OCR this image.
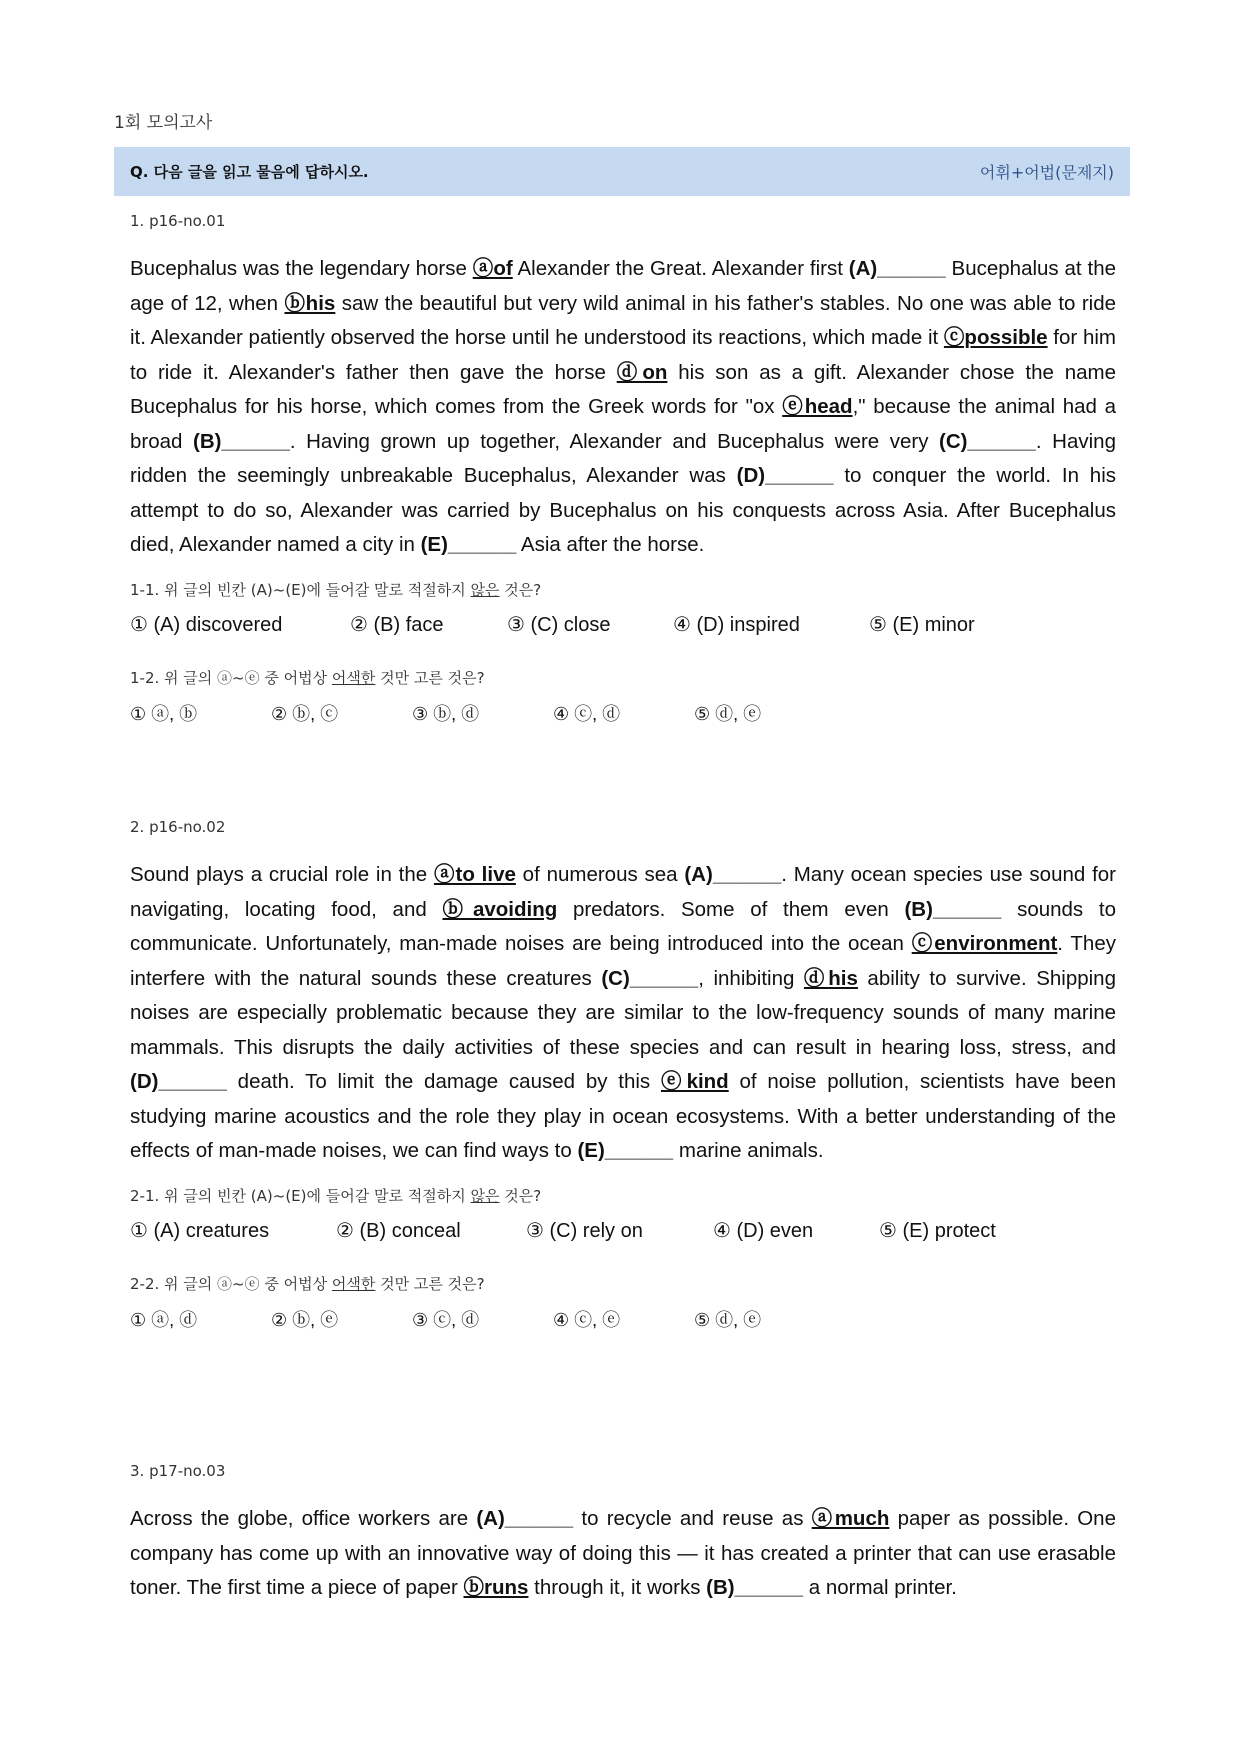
1회 모의고사
Q. 다음 글을 읽고 물음에 답하시오.	어휘+어법(문제지)
1. p16-no.01

Bucephalus was the legendary horse ⓐof Alexander the Great. Alexander first (A)______ Bucephalus at the age of 12, when ⓑhis saw the beautiful but very wild animal in his father's stables. No one was able to ride it. Alexander patiently observed the horse until he understood its reactions, which made it ⓒpossible for him to ride it. Alexander's father then gave the horse ⓓon his son as a gift. Alexander chose the name Bucephalus for his horse, which comes from the Greek words for "ox ⓔhead," because the animal had a broad (B)______. Having grown up together, Alexander and Bucephalus were very (C)______. Having ridden the seemingly unbreakable Bucephalus, Alexander was (D)______ to conquer the world. In his attempt to do so, Alexander was carried by Bucephalus on his conquests across Asia. After Bucephalus died, Alexander named a city in (E)______ Asia after the horse.

1-1. 위 글의 빈칸 (A)~(E)에 들어갈 말로 적절하지 않은 것은?
① (A) discovered	② (B) face	③ (C) close	④ (D) inspired	⑤ (E) minor
1-2. 위 글의 ⓐ~ⓔ 중 어법상 어색한 것만 고른 것은?
① ⓐ, ⓑ	② ⓑ, ⓒ	③ ⓑ, ⓓ	④ ⓒ, ⓓ	⑤ ⓓ, ⓔ
2. p16-no.02

Sound plays a crucial role in the ⓐto live of numerous sea (A)______. Many ocean species use sound for navigating, locating food, and ⓑavoiding predators. Some of them even (B)______ sounds to communicate. Unfortunately, man-made noises are being introduced into the ocean ⓒenvironment. They interfere with the natural sounds these creatures (C)______, inhibiting ⓓhis ability to survive. Shipping noises are especially problematic because they are similar to the low-frequency sounds of many marine mammals. This disrupts the daily activities of these species and can result in hearing loss, stress, and (D)______ death. To limit the damage caused by this ⓔkind of noise pollution, scientists have been studying marine acoustics and the role they play in ocean ecosystems. With a better understanding of the effects of man-made noises, we can find ways to (E)______ marine animals.

2-1. 위 글의 빈칸 (A)~(E)에 들어갈 말로 적절하지 않은 것은?
① (A) creatures	② (B) conceal	③ (C) rely on	④ (D) even	⑤ (E) protect
2-2. 위 글의 ⓐ~ⓔ 중 어법상 어색한 것만 고른 것은?
① ⓐ, ⓓ	② ⓑ, ⓔ	③ ⓒ, ⓓ	④ ⓒ, ⓔ	⑤ ⓓ, ⓔ
3. p17-no.03

Across the globe, office workers are (A)______ to recycle and reuse as ⓐmuch paper as possible. One company has come up with an innovative way of doing this — it has created a printer that can use erasable toner. The first time a piece of paper ⓑruns through it, it works (B)______ a normal printer.
